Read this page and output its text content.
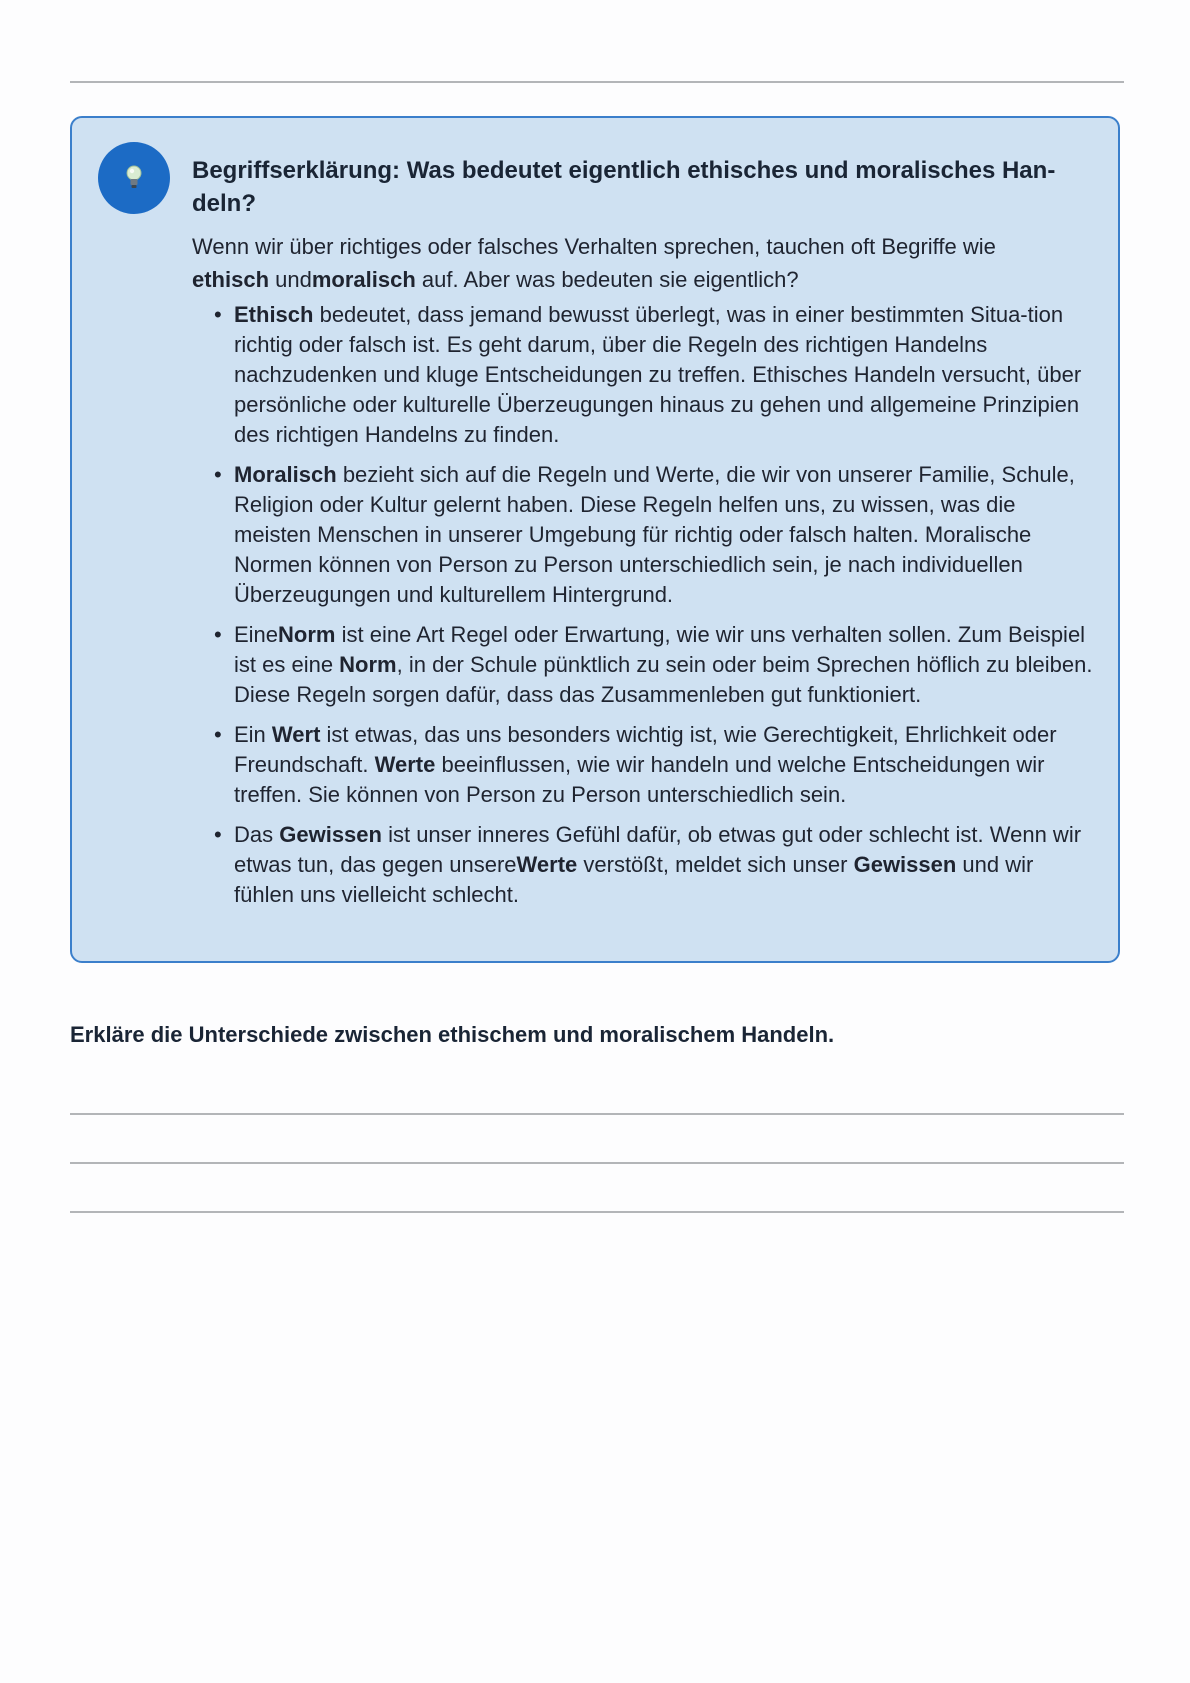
Begriffserklärung: Was bedeutet eigentlich ethisches und moralisches Han-deln?

Wenn wir über richtiges oder falsches Verhalten sprechen, tauchen oft Begriffe wie
ethisch undmoralisch auf. Aber was bedeuten sie eigentlich?

• Ethisch bedeutet, dass jemand bewusst überlegt, was in einer bestimmten Situa-tion richtig oder falsch ist. Es geht darum, über die Regeln des richtigen Handelns nachzudenken und kluge Entscheidungen zu treffen. Ethisches Handeln versucht, über persönliche oder kulturelle Überzeugungen hinaus zu gehen und allgemeine Prinzipien des richtigen Handelns zu finden.
• Moralisch bezieht sich auf die Regeln und Werte, die wir von unserer Familie, Schule, Religion oder Kultur gelernt haben. Diese Regeln helfen uns, zu wissen, was die meisten Menschen in unserer Umgebung für richtig oder falsch halten. Moralische Normen können von Person zu Person unterschiedlich sein, je nach individuellen Überzeugungen und kulturellem Hintergrund.
• EineNorm ist eine Art Regel oder Erwartung, wie wir uns verhalten sollen. Zum Beispiel ist es eine Norm, in der Schule pünktlich zu sein oder beim Sprechen höflich zu bleiben. Diese Regeln sorgen dafür, dass das Zusammenleben gut funktioniert.
• Ein Wert ist etwas, das uns besonders wichtig ist, wie Gerechtigkeit, Ehrlichkeit oder Freundschaft. Werte beeinflussen, wie wir handeln und welche Entscheidungen wir treffen. Sie können von Person zu Person unterschiedlich sein.
• Das Gewissen ist unser inneres Gefühl dafür, ob etwas gut oder schlecht ist. Wenn wir etwas tun, das gegen unsereWerte verstößt, meldet sich unser Gewissen und wir fühlen uns vielleicht schlecht.

Erkläre die Unterschiede zwischen ethischem und moralischem Handeln.
